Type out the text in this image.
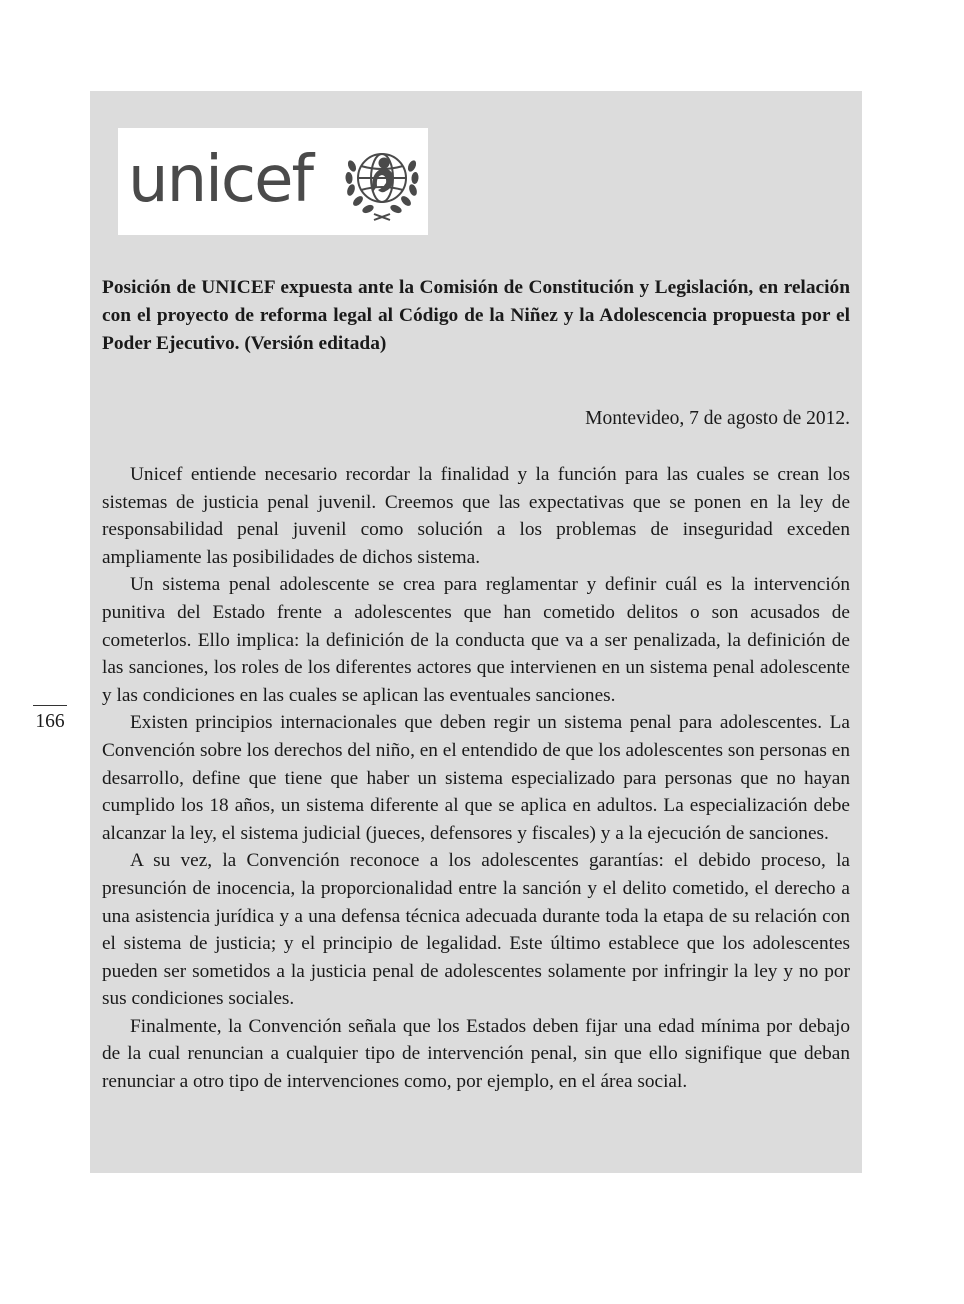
unicef

Posición de UNICEF expuesta ante la Comisión de Constitución y Legislación, en relación con el proyecto de reforma legal al Código de la Niñez y la Adolescencia propuesta por el Poder Ejecutivo. (Versión editada)

Montevideo, 7 de agosto de 2012.

Unicef entiende necesario recordar la finalidad y la función para las cuales se crean los sistemas de justicia penal juvenil. Creemos que las expectativas que se ponen en la ley de responsabilidad penal juvenil como solución a los problemas de inseguridad exceden ampliamente las posibilidades de dichos sistema.

Un sistema penal adolescente se crea para reglamentar y definir cuál es la intervención punitiva del Estado frente a adolescentes que han cometido delitos o son acusados de cometerlos. Ello implica: la definición de la conducta que va a ser penalizada, la definición de las sanciones, los roles de los diferentes actores que intervienen en un sistema penal adolescente y las condiciones en las cuales se aplican las eventuales sanciones.

Existen principios internacionales que deben regir un sistema penal para adolescentes. La Convención sobre los derechos del niño, en el entendido de que los adolescentes son personas en desarrollo, define que tiene que haber un sistema especializado para personas que no hayan cumplido los 18 años, un sistema diferente al que se aplica en adultos. La especialización debe alcanzar la ley, el sistema judicial (jueces, defensores y fiscales) y a la ejecución de sanciones.

A su vez, la Convención reconoce a los adolescentes garantías: el debido proceso, la presunción de inocencia, la proporcionalidad entre la sanción y el delito cometido, el derecho a una asistencia jurídica y a una defensa técnica adecuada durante toda la etapa de su relación con el sistema de justicia; y el principio de legalidad. Este último establece que los adolescentes pueden ser sometidos a la justicia penal de adolescentes solamente por infringir la ley y no por sus condiciones sociales.

Finalmente, la Convención señala que los Estados deben fijar una edad mínima por debajo de la cual renuncian a cualquier tipo de intervención penal, sin que ello signifique que deban renunciar a otro tipo de intervenciones como, por ejemplo, en el área social.

166
